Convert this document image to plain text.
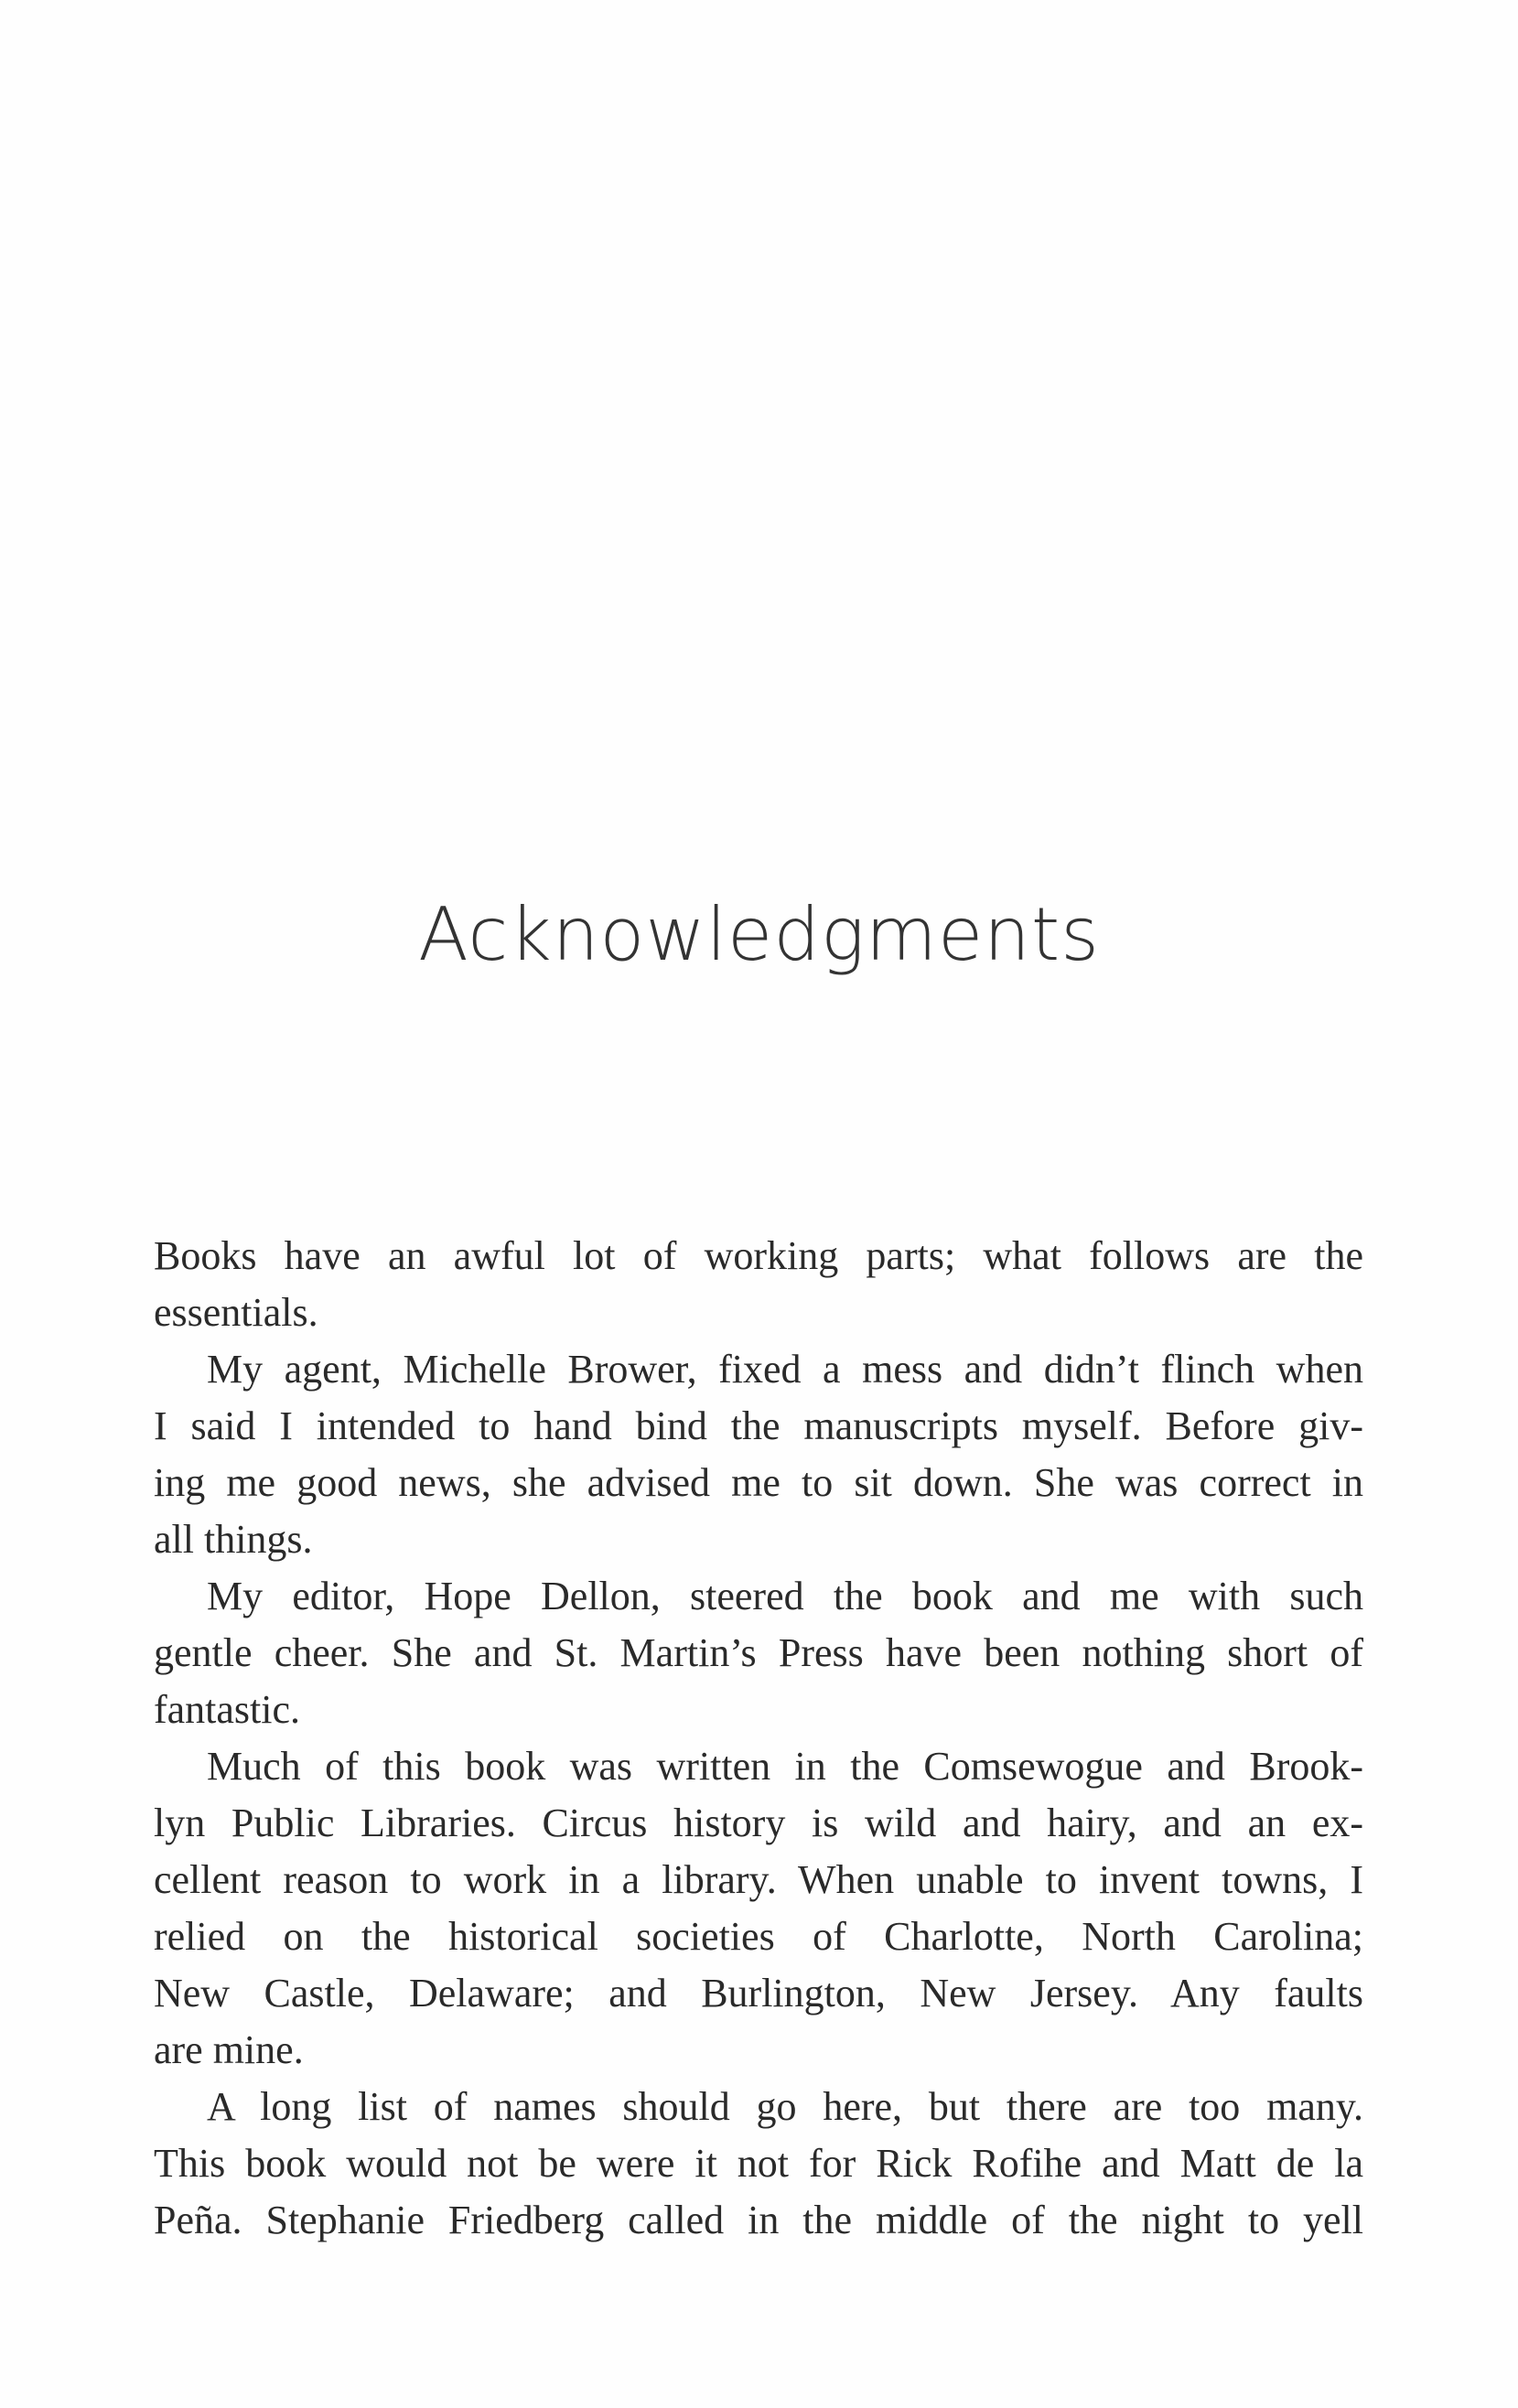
Acknowledgments
Books have an awful lot of working parts; what follows are the
essentials.
My agent, Michelle Brower, fixed a mess and didn’t flinch when
I said I intended to hand bind the manuscripts myself. Before giv-
ing me good news, she advised me to sit down. She was correct in
all things.
My editor, Hope Dellon, steered the book and me with such
gentle cheer. She and St. Martin’s Press have been nothing short of
fantastic.
Much of this book was written in the Comsewogue and Brook-
lyn Public Libraries. Circus history is wild and hairy, and an ex-
cellent reason to work in a library. When unable to invent towns, I
relied on the historical societies of Charlotte, North Carolina;
New Castle, Delaware; and Burlington, New Jersey. Any faults
are mine.
A long list of names should go here, but there are too many.
This book would not be were it not for Rick Rofihe and Matt de la
Peña. Stephanie Friedberg called in the middle of the night to yell
